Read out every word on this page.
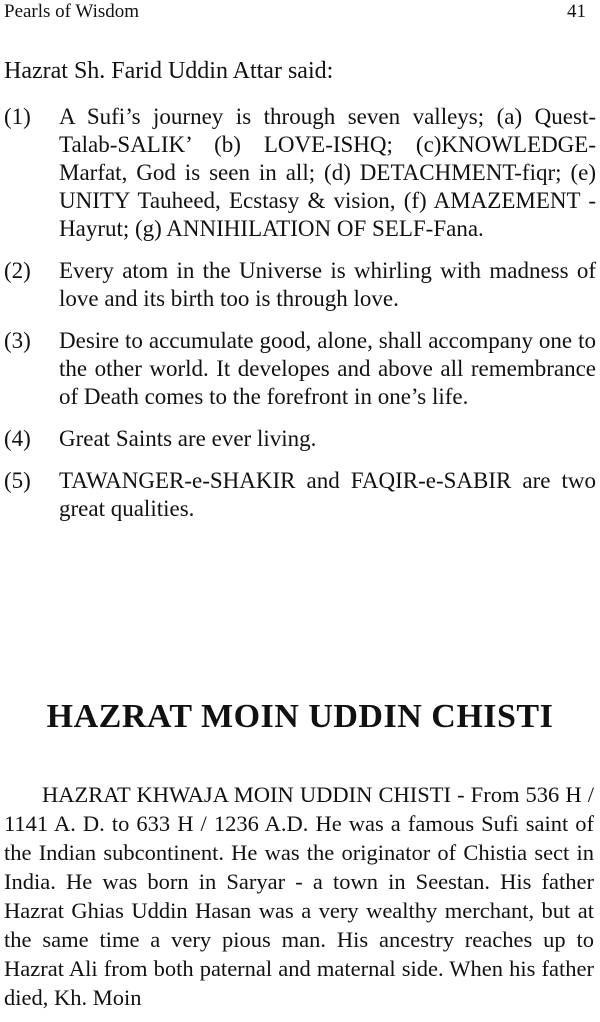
Pearls of Wisdom	41

Hazrat Sh. Farid Uddin Attar said:

(1) A Sufi’s journey is through seven valleys; (a) Quest-Talab-SALIK’ (b) LOVE-ISHQ; (c)KNOWLEDGE-Marfat, God is seen in all; (d) DETACHMENT-fiqr; (e) UNITY Tauheed, Ecstasy & vision, (f) AMAZEMENT - Hayrut; (g) ANNIHILATION OF SELF-Fana.
(2) Every atom in the Universe is whirling with madness of love and its birth too is through love.
(3) Desire to accumulate good, alone, shall accompany one to the other world. It developes and above all remembrance of Death comes to the forefront in one’s life.
(4) Great Saints are ever living.
(5) TAWANGER-e-SHAKIR and FAQIR-e-SABIR are two great qualities.
HAZRAT MOIN UDDIN CHISTI

HAZRAT KHWAJA MOIN UDDIN CHISTI - From 536 H / 1141 A. D. to 633 H / 1236 A.D. He was a famous Sufi saint of the Indian subcontinent. He was the originator of Chistia sect in India. He was born in Saryar - a town in Seestan. His father Hazrat Ghias Uddin Hasan was a very wealthy merchant, but at the same time a very pious man. His ancestry reaches up to Hazrat Ali from both paternal and maternal side. When his father died, Kh. Moin
